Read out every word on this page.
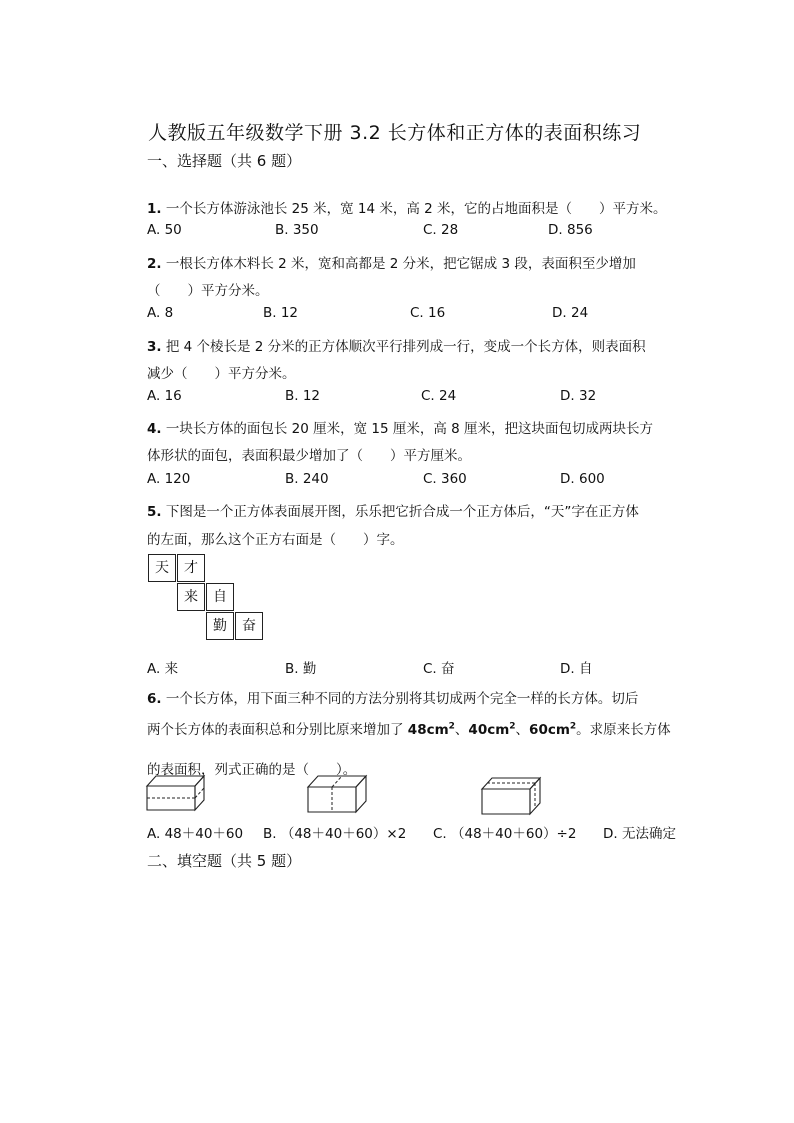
人教版五年级数学下册 3.2 长方体和正方体的表面积练习
一、选择题（共 6 题）
1. 一个长方体游泳池长 25 米，宽 14 米，高 2 米，它的占地面积是（　　）平方米。
A. 50	B. 350	C. 28	D. 856
2. 一根长方体木料长 2 米，宽和高都是 2 分米，把它锯成 3 段，表面积至少增加
（　　）平方分米。
A. 8	B. 12	C. 16	D. 24
3. 把 4 个棱长是 2 分米的正方体顺次平行排列成一行，变成一个长方体，则表面积
减少（　　）平方分米。
A. 16	B. 12	C. 24	D. 32
4. 一块长方体的面包长 20 厘米，宽 15 厘米，高 8 厘米，把这块面包切成两块长方
体形状的面包，表面积最少增加了（　　）平方厘米。
A. 120	B. 240	C. 360	D. 600
5. 下图是一个正方体表面展开图，乐乐把它折合成一个正方体后，“天”字在正方体
的左面，那么这个正方右面是（　　）字。
天	才
来	自
勤	奋
A. 来	B. 勤	C. 奋	D. 自
6. 一个长方体，用下面三种不同的方法分别将其切成两个完全一样的长方体。切后
两个长方体的表面积总和分别比原来增加了 $48cm^2$、$40cm^2$、$60cm^2$。求原来长方体
的表面积，列式正确的是（　　）。
A. 48＋40＋60 B. （48＋40＋60）×2 C. （48＋40＋60）÷2 D. 无法确定
二、填空题（共 5 题）
